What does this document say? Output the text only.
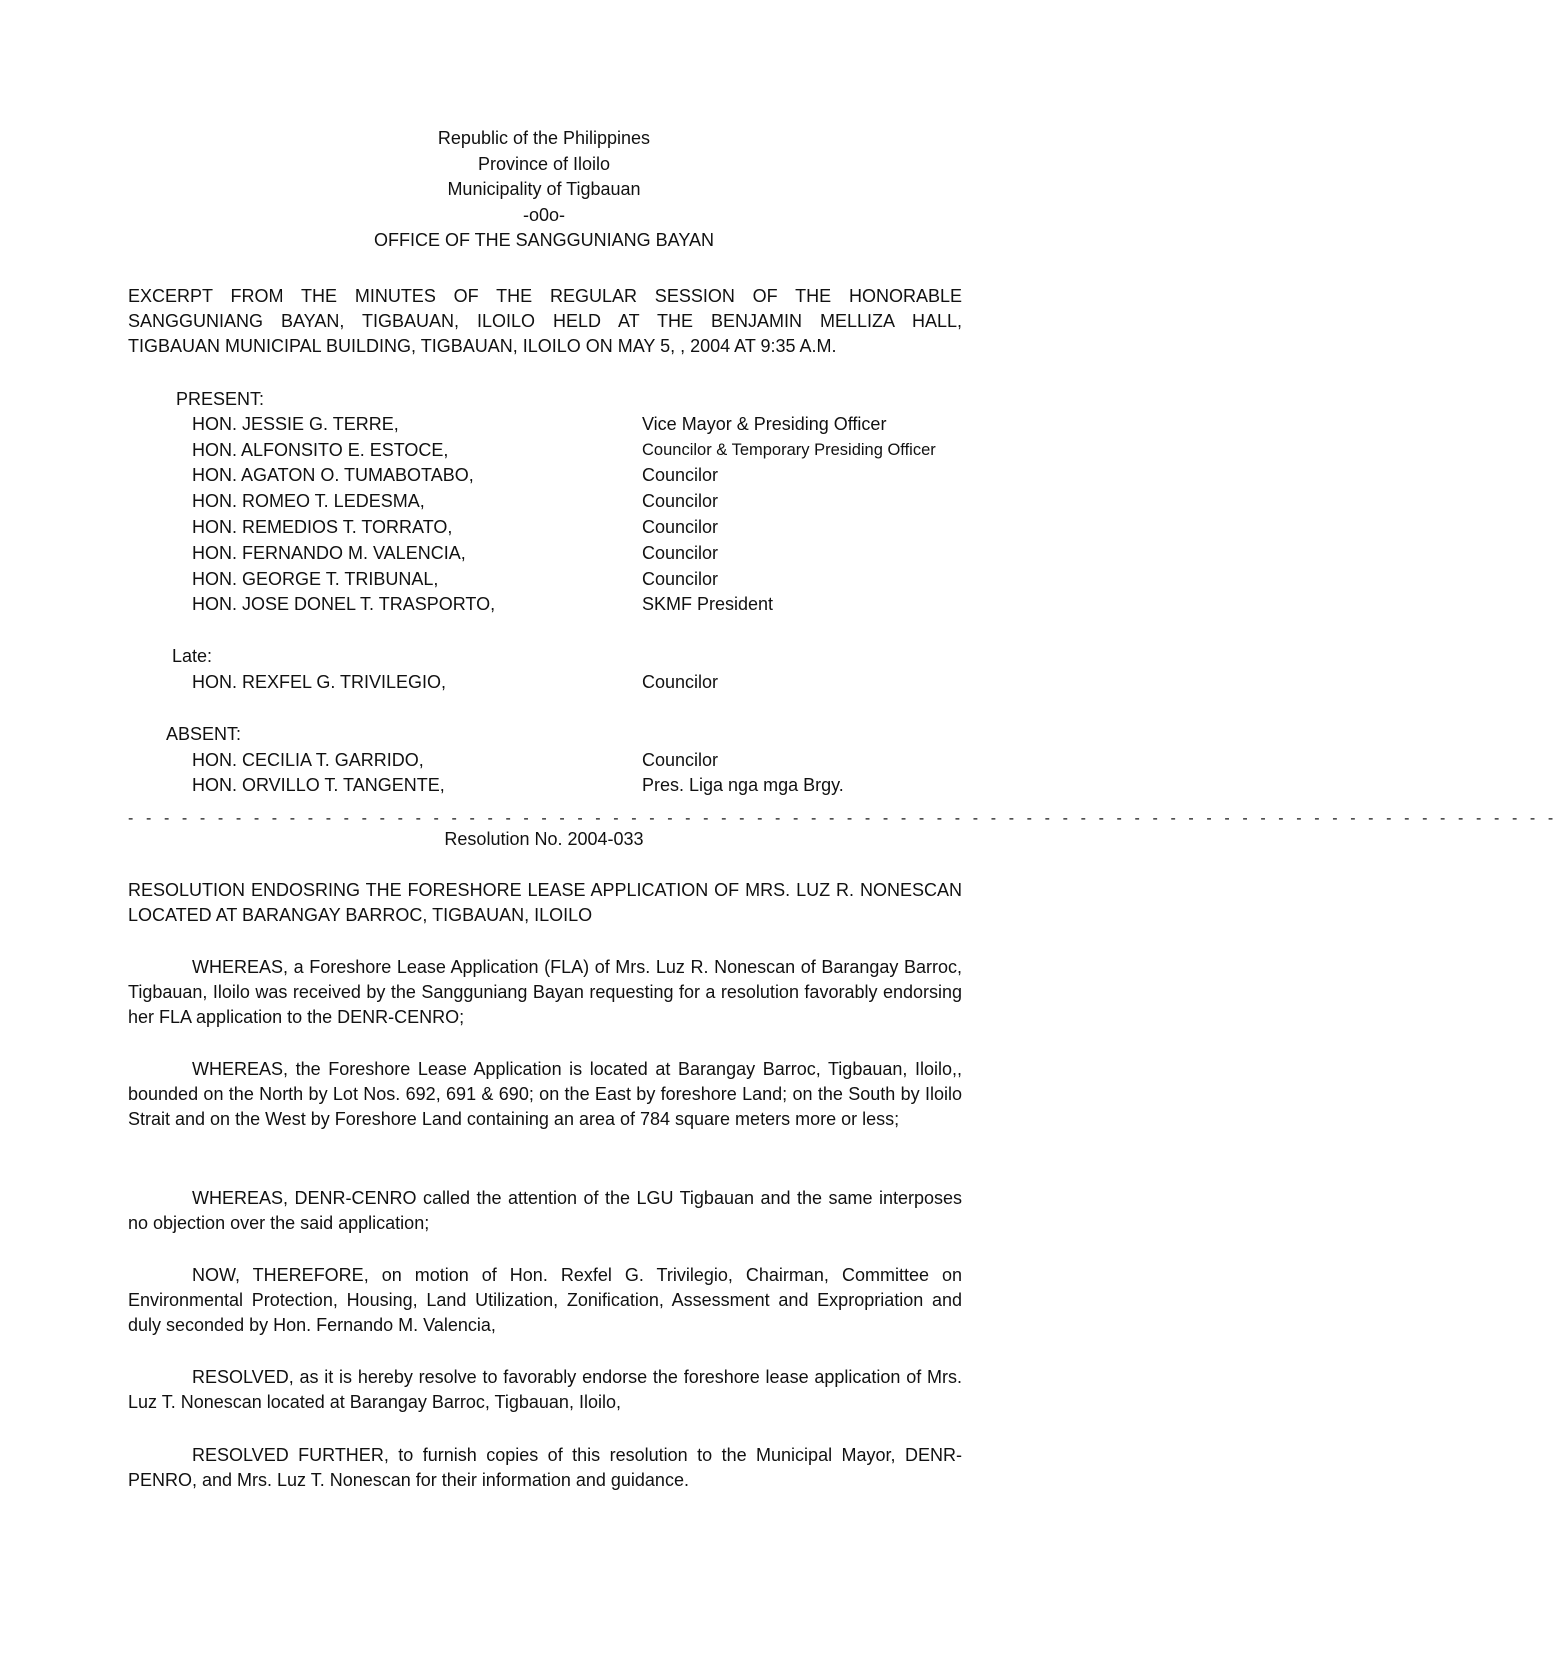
Republic of the Philippines
Province of Iloilo
Municipality of Tigbauan
-o0o-
OFFICE OF THE SANGGUNIANG BAYAN
EXCERPT FROM THE MINUTES OF THE REGULAR SESSION OF THE HONORABLE
SANGGUNIANG BAYAN, TIGBAUAN, ILOILO HELD AT THE BENJAMIN MELLIZA HALL,
TIGBAUAN MUNICIPAL BUILDING, TIGBAUAN, ILOILO ON MAY 5, , 2004 AT 9:35 A.M.
PRESENT:
HON. JESSIE G. TERRE,	Vice Mayor & Presiding Officer
HON. ALFONSITO E. ESTOCE,	Councilor & Temporary Presiding Officer
HON. AGATON O. TUMABOTABO,	Councilor
HON. ROMEO T. LEDESMA,	Councilor
HON. REMEDIOS T. TORRATO,	Councilor
HON. FERNANDO M. VALENCIA,	Councilor
HON. GEORGE T. TRIBUNAL,	Councilor
HON. JOSE DONEL T. TRASPORTO,	SKMF President
Late:
HON. REXFEL G. TRIVILEGIO,	Councilor
ABSENT:
HON. CECILIA T. GARRIDO,	Councilor
HON. ORVILLO T. TANGENTE,	Pres. Liga nga mga Brgy.
- - - - - - - - - - - - - - - - - - - - - - - - - - - - - - - - - - - - - - - - - - - - - - - - - - - - - - - - - - - - - - - - - - - - - - - - - - - - - - - -
Resolution No. 2004-033
RESOLUTION ENDOSRING THE FORESHORE LEASE APPLICATION OF MRS. LUZ R. NONESCAN LOCATED AT BARANGAY BARROC, TIGBAUAN, ILOILO

WHEREAS, a Foreshore Lease Application (FLA) of Mrs. Luz R. Nonescan of Barangay Barroc, Tigbauan, Iloilo was received by the Sangguniang Bayan requesting for a resolution favorably endorsing her FLA application to the DENR-CENRO;

WHEREAS, the Foreshore Lease Application is located at Barangay Barroc, Tigbauan, Iloilo,, bounded on the North by Lot Nos. 692, 691 & 690; on the East by foreshore Land; on the South by Iloilo Strait and on the West by Foreshore Land containing an area of 784 square meters more or less;

WHEREAS, DENR-CENRO called the attention of the LGU Tigbauan and the same interposes no objection over the said application;

NOW, THEREFORE, on motion of Hon. Rexfel G. Trivilegio, Chairman, Committee on Environmental Protection, Housing, Land Utilization, Zonification, Assessment and Expropriation and duly seconded by Hon. Fernando M. Valencia,

RESOLVED, as it is hereby resolve to favorably endorse the foreshore lease application of Mrs. Luz T. Nonescan located at Barangay Barroc, Tigbauan, Iloilo,

RESOLVED FURTHER, to furnish copies of this resolution to the Municipal Mayor, DENR-PENRO, and Mrs. Luz T. Nonescan for their information and guidance.
